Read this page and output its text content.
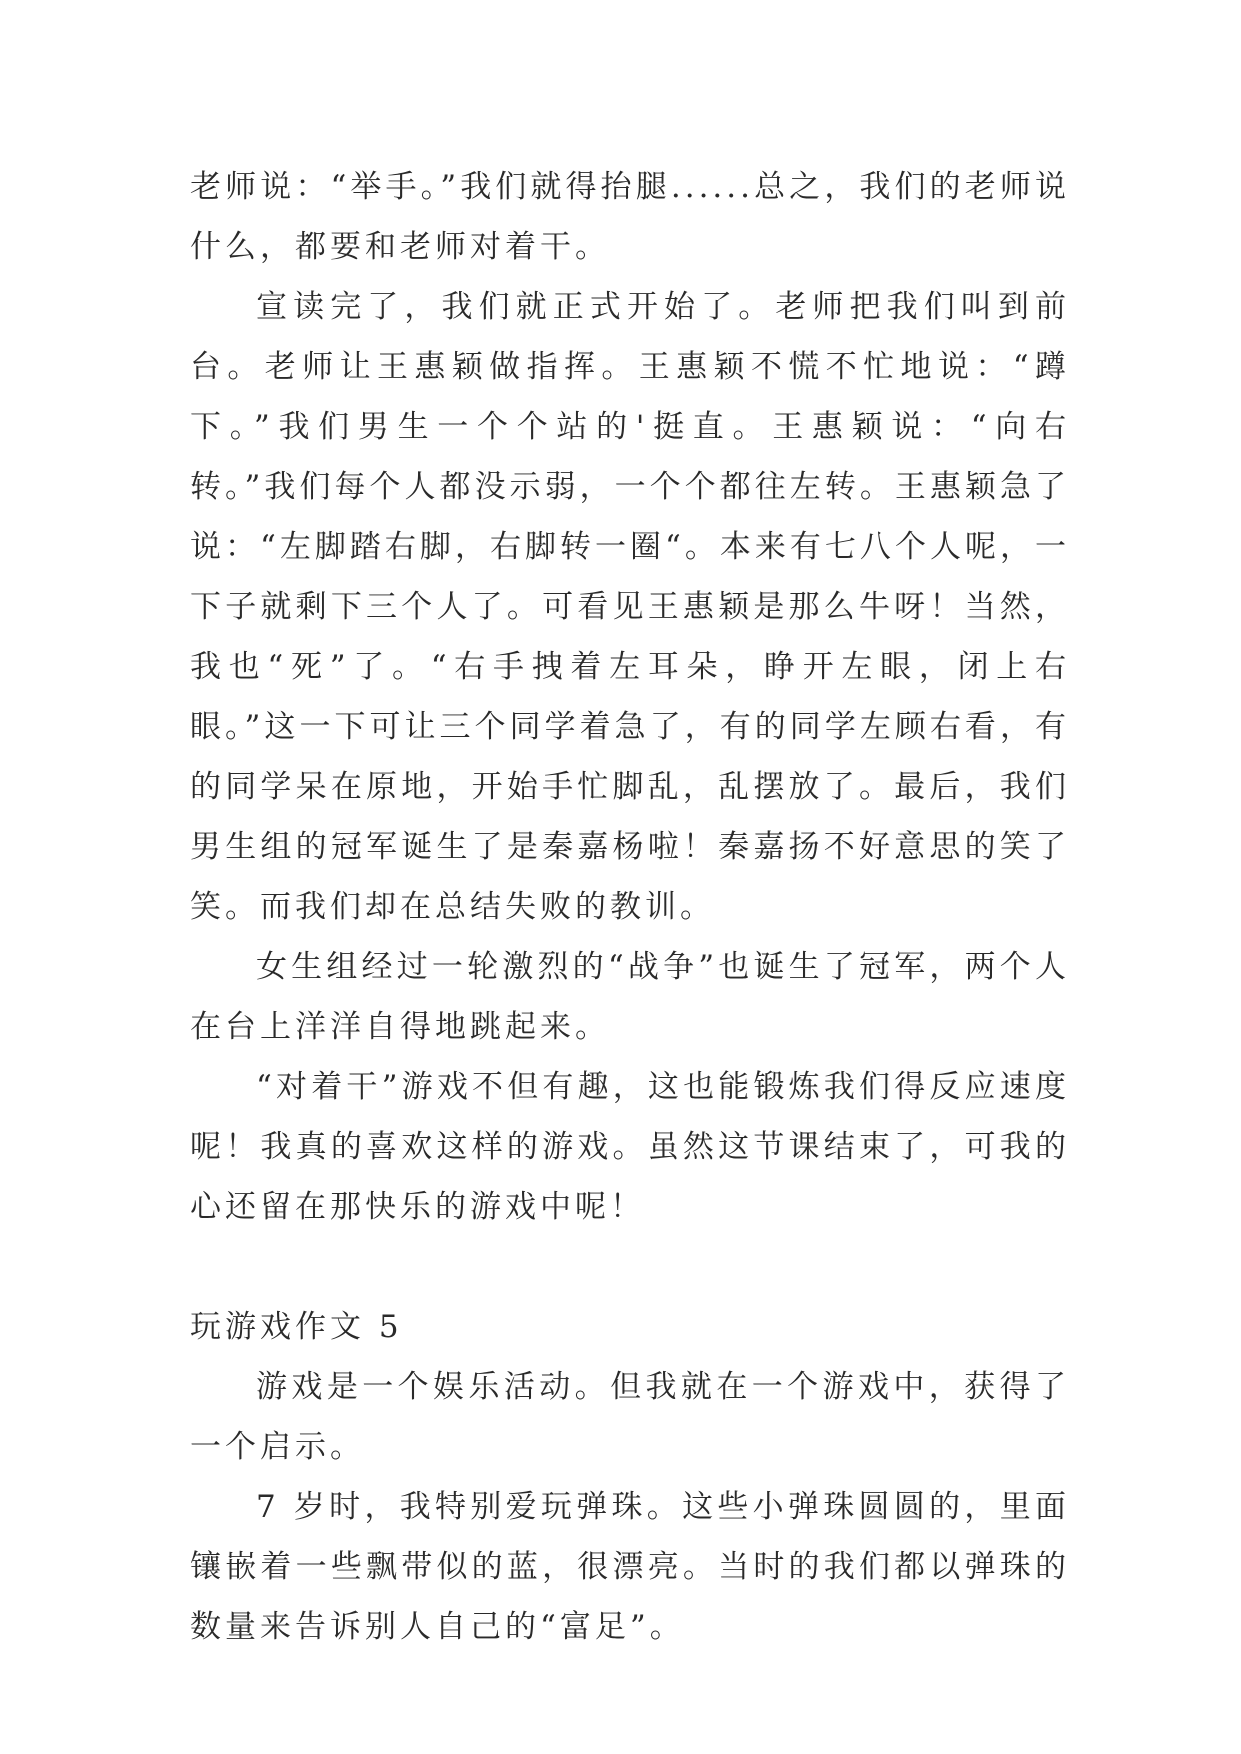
老师说：“举手。”我们就得抬腿......总之，我们的老师说什么，都要和老师对着干。

宣读完了，我们就正式开始了。老师把我们叫到前台。老师让王惠颖做指挥。王惠颖不慌不忙地说：“蹲下。”我们男生一个个站的'挺直。王惠颖说：“向右转。”我们每个人都没示弱，一个个都往左转。王惠颖急了说：“左脚踏右脚，右脚转一圈“。本来有七八个人呢，一下子就剩下三个人了。可看见王惠颖是那么牛呀！当然，我也“死”了。“右手拽着左耳朵，睁开左眼，闭上右眼。”这一下可让三个同学着急了，有的同学左顾右看，有的同学呆在原地，开始手忙脚乱，乱摆放了。最后，我们男生组的冠军诞生了是秦嘉杨啦！秦嘉扬不好意思的笑了笑。而我们却在总结失败的教训。

女生组经过一轮激烈的“战争”也诞生了冠军，两个人在台上洋洋自得地跳起来。

“对着干”游戏不但有趣，这也能锻炼我们得反应速度呢！我真的喜欢这样的游戏。虽然这节课结束了，可我的心还留在那快乐的游戏中呢！

玩游戏作文 5

游戏是一个娱乐活动。但我就在一个游戏中，获得了一个启示。

7 岁时，我特别爱玩弹珠。这些小弹珠圆圆的，里面镶嵌着一些飘带似的蓝，很漂亮。当时的我们都以弹珠的数量来告诉别人自己的“富足”。
